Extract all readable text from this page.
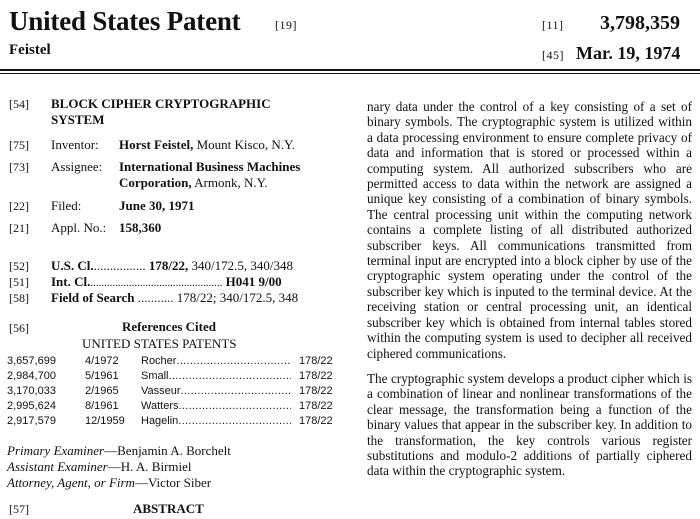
United States Patent	[19]
Feistel
[11] 3,798,359
[45] Mar. 19, 1974
[54] BLOCK CIPHER CRYPTOGRAPHIC
SYSTEM
[75] Inventor: Horst Feistel, Mount Kisco, N.Y.
[73] Assignee: International Business Machines
Corporation, Armonk, N.Y.
[22] Filed:	June 30, 1971
[21] Appl. No.: 158,360
[52] U.S. Cl................. 178/22, 340/172.5, 340/348
[51] Int. Cl................................................. H041 9/00
[58] Field of Search ........... 178/22; 340/172.5, 348
[56]	References Cited
UNITED STATES PATENTS
3,657,699	4/1972 Rocher .....	178/22
2,984,700	5/1961 Small .....	178/22
3,170,033	2/1965 Vasseur .....	178/22
2,995,624	8/1961 Watters .....	178/22
2,917,579	12/1959 Hagelin .....	178/22
Primary Examiner—Benjamin A. Borchelt
Assistant Examiner—H. A. Birmiel
Attorney, Agent, or Firm—Victor Siber
[57]	ABSTRACT

nary data under the control of a key consisting of a set of binary symbols. The cryptographic system is utilized within a data processing environment to ensure complete privacy of data and information that is stored or processed within a computing system. All authorized subscribers who are permitted access to data within the network are assigned a unique key consisting of a combination of binary symbols. The central processing unit within the computing network contains a complete listing of all distributed authorized subscriber keys. All communications transmitted from terminal input are encrypted into a block cipher by use of the cryptographic system operating under the control of the subscriber key which is inputed to the terminal device. At the receiving station or central processing unit, an identical subscriber key which is obtained from internal tables stored within the computing system is used to decipher all received ciphered communications.

The cryptographic system develops a product cipher which is a combination of linear and nonlinear transformations of the clear message, the transformation being a function of the binary values that appear in the subscriber key. In addition to the transformation, the key controls various register substitutions and modulo-2 additions of partially ciphered data within the cryptographic system.
